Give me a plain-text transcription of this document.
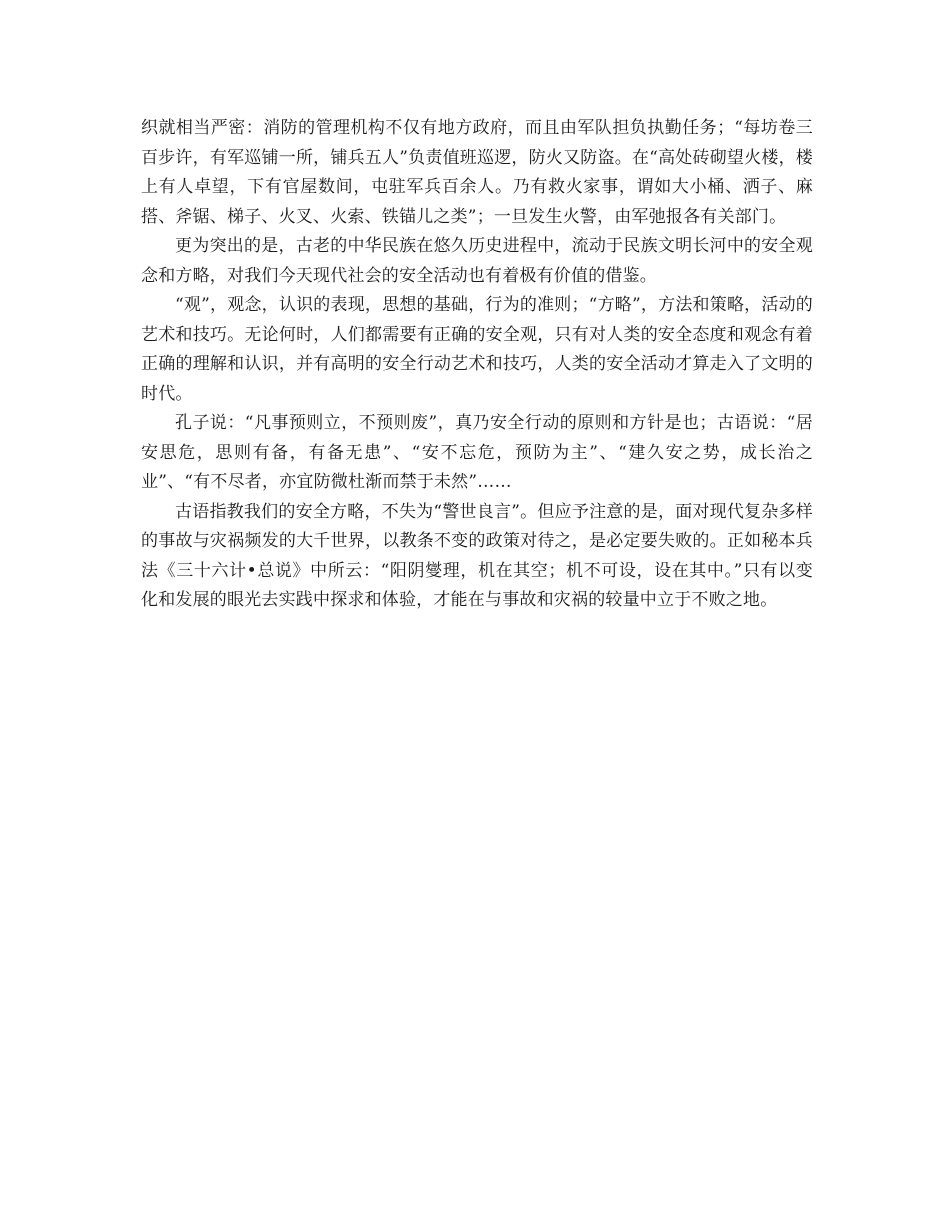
织就相当严密：消防的管理机构不仅有地方政府，而且由军队担负执勤任务；“每坊卷三百步许，有军巡铺一所，铺兵五人”负责值班巡逻，防火又防盗。在“高处砖砌望火楼，楼上有人卓望，下有官屋数间，屯驻军兵百余人。乃有救火家事，谓如大小桶、洒子、麻搭、斧锯、梯子、火叉、火索、铁锚儿之类”；一旦发生火警，由军弛报各有关部门。

更为突出的是，古老的中华民族在悠久历史进程中，流动于民族文明长河中的安全观念和方略，对我们今天现代社会的安全活动也有着极有价值的借鉴。

“观”，观念，认识的表现，思想的基础，行为的准则；“方略”，方法和策略，活动的艺术和技巧。无论何时，人们都需要有正确的安全观，只有对人类的安全态度和观念有着正确的理解和认识，并有高明的安全行动艺术和技巧，人类的安全活动才算走入了文明的时代。

孔子说：“凡事预则立，不预则废”，真乃安全行动的原则和方针是也；古语说：“居安思危，思则有备，有备无患”、“安不忘危，预防为主”、“建久安之势，成长治之业”、“有不尽者，亦宜防微杜渐而禁于未然”……

古语指教我们的安全方略，不失为“警世良言”。但应予注意的是，面对现代复杂多样的事故与灾祸频发的大千世界，以教条不变的政策对待之，是必定要失败的。正如秘本兵法《三十六计•总说》中所云：“阳阴燮理，机在其空；机不可设，设在其中。”只有以变化和发展的眼光去实践中探求和体验，才能在与事故和灾祸的较量中立于不败之地。
